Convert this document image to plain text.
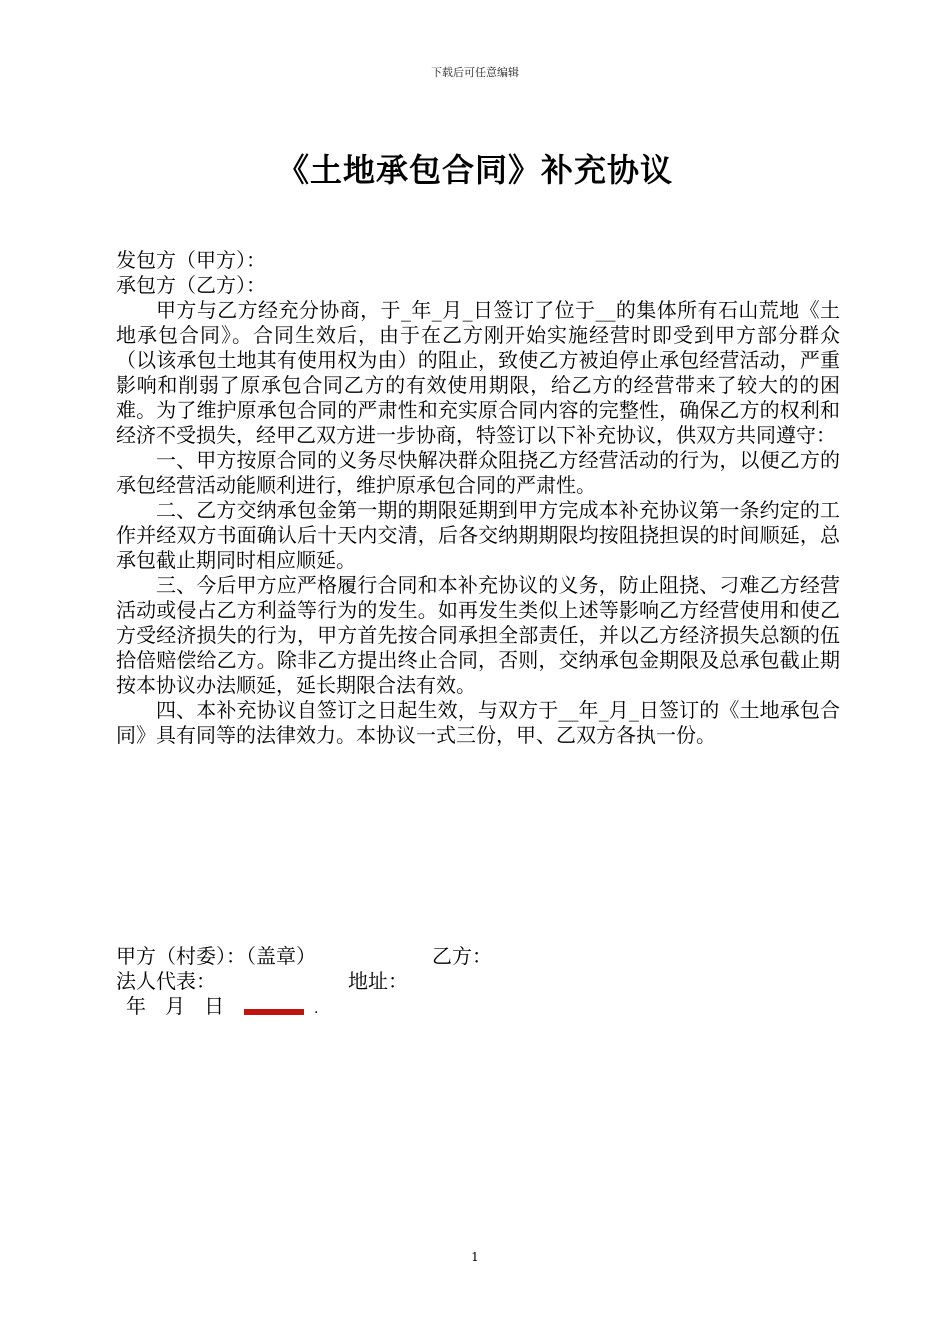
下载后可任意编辑
《土地承包合同》补充协议

发包方（甲方）：

承包方（乙方）：

甲方与乙方经充分协商，于_年_月_日签订了位于__的集体所有石山荒地《土地承包合同》。合同生效后，由于在乙方刚开始实施经营时即受到甲方部分群众（以该承包土地其有使用权为由）的阻止，致使乙方被迫停止承包经营活动，严重影响和削弱了原承包合同乙方的有效使用期限，给乙方的经营带来了较大的的困难。为了维护原承包合同的严肃性和充实原合同内容的完整性，确保乙方的权利和经济不受损失，经甲乙双方进一步协商，特签订以下补充协议，供双方共同遵守：

一、甲方按原合同的义务尽快解决群众阻挠乙方经营活动的行为，以便乙方的承包经营活动能顺利进行，维护原承包合同的严肃性。

二、乙方交纳承包金第一期的期限延期到甲方完成本补充协议第一条约定的工作并经双方书面确认后十天内交清，后各交纳期期限均按阻挠担误的时间顺延，总承包截止期同时相应顺延。

三、今后甲方应严格履行合同和本补充协议的义务，防止阻挠、刁难乙方经营活动或侵占乙方利益等行为的发生。如再发生类似上述等影响乙方经营使用和使乙方受经济损失的行为，甲方首先按合同承担全部责任，并以乙方经济损失总额的伍拾倍赔偿给乙方。除非乙方提出终止合同，否则，交纳承包金期限及总承包截止期按本协议办法顺延，延长期限合法有效。

四、本补充协议自签订之日起生效，与双方于__年_月_日签订的《土地承包合同》具有同等的法律效力。本协议一式三份，甲、乙双方各执一份。

甲方（村委）：（盖章）	乙方：
法人代表：	地址：
年   月   日	.
1
